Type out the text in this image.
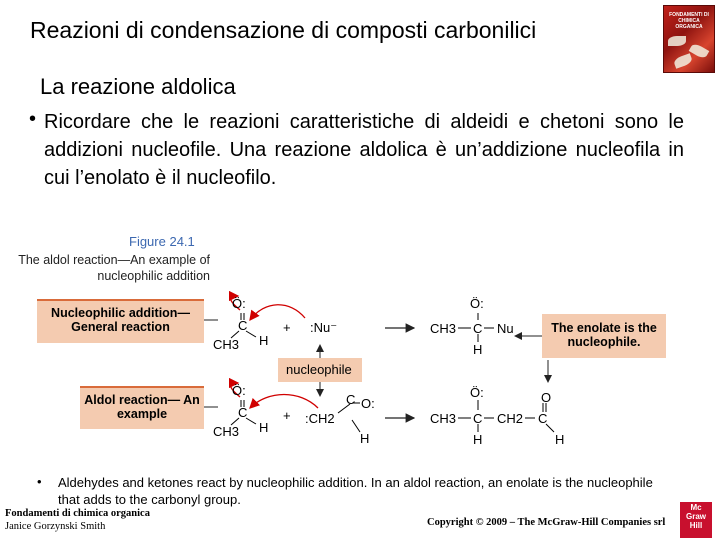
Reazioni di condensazione di composti carbonilici
FONDAMENTI DI CHIMICA ORGANICA
La reazione aldolica
• Ricordare che le reazioni caratteristiche di aldeidi e chetoni sono le addizioni nucleofile. Una reazione aldolica è un’addizione nucleofila in cui l’enolato è il nucleofilo.
Figure 24.1
The aldol reaction—An example of nucleophilic addition
Nucleophilic addition— General reaction
Aldol reaction— An example
The enolate is the nucleophile.
nucleophile
Ö:
C
CH3 H
+ :Nu⁻
Ö:
CH3 C Nu
H
Ö:
C
CH3 H
+ :CH2
C O:
H
Ö:
CH3 C CH2 C
O
H	H
• Aldehydes and ketones react by nucleophilic addition. In an aldol reaction, an enolate is the nucleophile that adds to the carbonyl group.
Fondamenti di chimica organica
Janice Gorzynski Smith	Copyright © 2009 – The McGraw-Hill Companies srl
Mc Graw Hill
